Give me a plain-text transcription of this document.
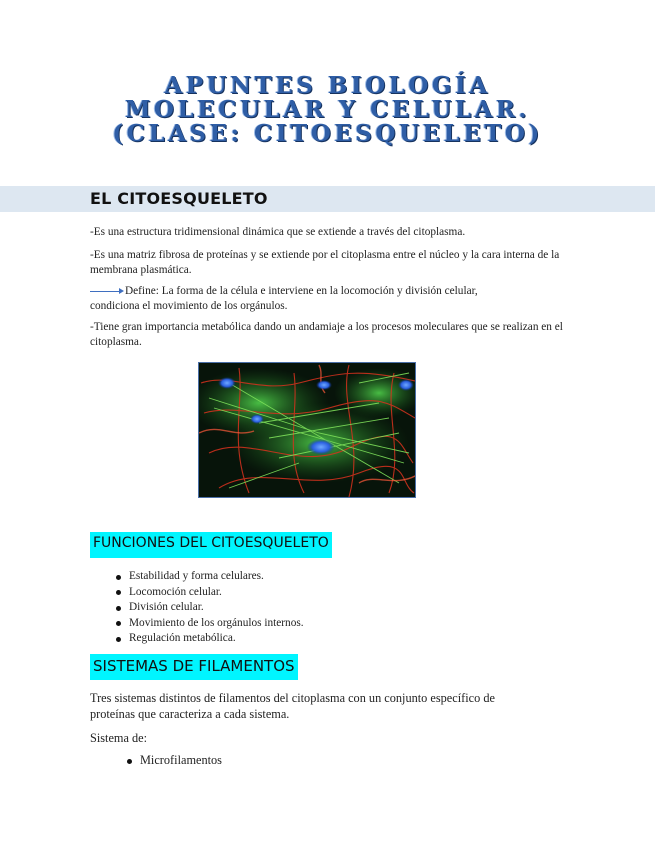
APUNTES BIOLOGÍA
MOLECULAR Y CELULAR.
(CLASE: CITOESQUELETO)
EL CITOESQUELETO
-Es una estructura tridimensional dinámica que se extiende a través del citoplasma.
-Es una matriz fibrosa de proteínas y se extiende por el citoplasma entre el núcleo y la cara interna de la membrana plasmática.
Define: La forma de la célula e interviene en la locomoción y división celular,
condiciona el movimiento de los orgánulos.
-Tiene gran importancia metabólica dando un andamiaje a los procesos moleculares que se realizan en el citoplasma.
FUNCIONES DEL CITOESQUELETO
Estabilidad y forma celulares.
Locomoción celular.
División celular.
Movimiento de los orgánulos internos.
Regulación metabólica.
SISTEMAS DE FILAMENTOS
Tres sistemas distintos de filamentos del citoplasma con un conjunto específico de proteínas que caracteriza a cada sistema.
Sistema de:
Microfilamentos
